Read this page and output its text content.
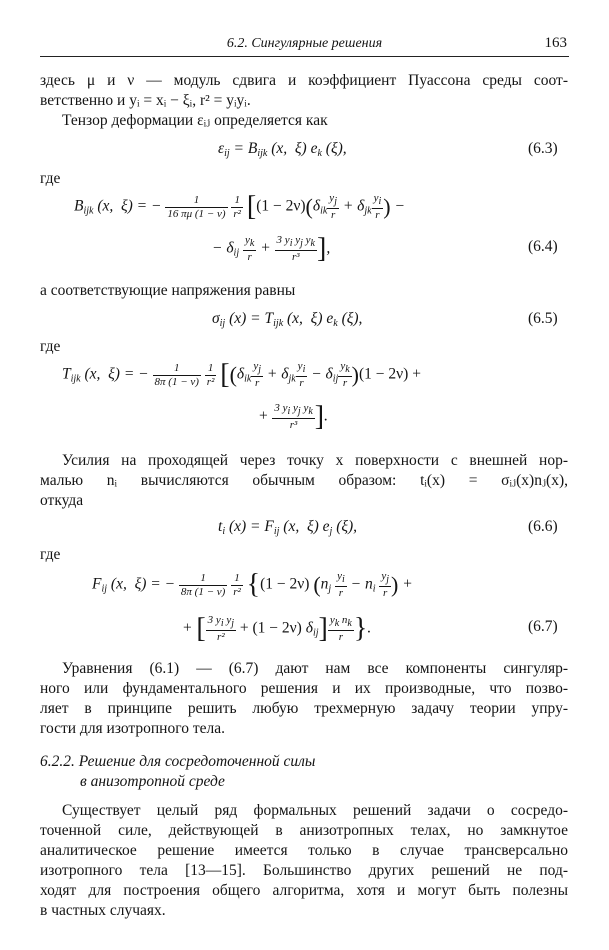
6.2. Сингулярные решения	163
здесь μ и ν — модуль сдвига и коэффициент Пуассона среды соот-
ветственно и yᵢ = xᵢ − ξᵢ, r² = yᵢyᵢ.
Тензор деформации εᵢⱼ определяется как
$\varepsilon_{ij} = B_{ijk}$ (x,  ξ) $e_k$ (ξ),	(6.3)
где
$B_{ijk}$ (x,  ξ) = − $\frac{1}{16 \pi\mu (1 - \nu)}$
$\frac{1}{\text{r²}} [(1 - 2\nu)(\delta_{ik} \frac{yj}{r} + \delta_{jk} \frac{yi}{r}$ ) −
− $\delta_{ij} \frac{yk}{r} + \frac{\text{3 yi yj yk}}{\text{r³}}$ ],	(6.4)
а соответствующие напряжения равны
$\sigma_{ij}$ $(x) = T_{ijk}$ (x,  ξ) $e_k$ (ξ),	(6.5)
где
$T_{ijk}$ (x,  ξ) = − $\frac{1}{8\pi (1 - \nu)}$
$\frac{1}{\text{r²}} [(\delta_{ik} \frac{yj}{r} + \delta_{jk} \frac{yi}{r} - \delta_{ij} \frac{yk}{r} )(1 - 2\nu)$ +
+ $\frac{\text{3 yi yj yk}}{\text{r³}}$ ].
Усилия на проходящей через точку x поверхности с внешней нор-
малью nᵢ вычисляются обычным образом: tᵢ(x) = σᵢⱼ(x)nⱼ(x),
откуда
$t_i$ $(x) = F_{ij}$ (x,  ξ) $e_j$ (ξ),	(6.6)
где
$F_{ij}$ (x,  ξ) = − $\frac{1}{8\pi (1 - \nu)}$
$\frac{1}{\text{r²}} \{(1 - 2\nu)$ ($n_j \frac{yi}{r} - n_i \frac{yj}{r}$ ) +
+ [ $\frac{\text{3 yi yj}}{\text{r²}} + (1 - 2\nu)$ $\delta_{ij}] \frac{\text{yk nk}}{r}$ }.	(6.7)
Уравнения (6.1) — (6.7) дают нам все компоненты сингуляр-
ного или фундаментального решения и их производные, что позво-
ляет в принципе решить любую трехмерную задачу теории упру-
гости для изотропного тела.
6.2.2. Решение для сосредоточенной силы
в анизотропной среде
Существует целый ряд формальных решений задачи о сосредо-
точенной силе, действующей в анизотропных телах, но замкнутое
аналитическое решение имеется только в случае трансверсально
изотропного тела [13—15]. Большинство других решений не под-
ходят для построения общего алгоритма, хотя и могут быть полезны
в частных случаях.
